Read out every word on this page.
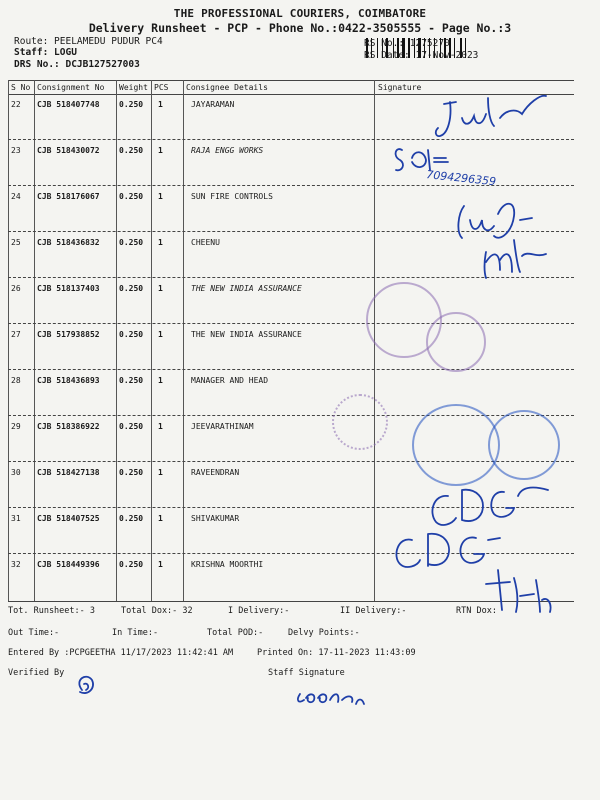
THE PROFESSIONAL COURIERS, COIMBATORE
Delivery Runsheet - PCP - Phone No.:0422-3505555 - Page No.:3
Route: PEELAMEDU PUDUR PC4
Staff: LOGU
DRS No.: DCJB127527003
RS No.: 1275270
RS Date: 17-Nov-2023
S No Consignment No Weight PCS Consignee Details	Signature
22 CJB 518407748 0.250 1	JAYARAMAN
23 CJB 518430072 0.250 1	RAJA ENGG WORKS
24 CJB 518176067 0.250 1	SUN FIRE CONTROLS
25 CJB 518436832 0.250 1	CHEENU
26 CJB 518137403 0.250 1	THE NEW INDIA ASSURANCE
27 CJB 517938852 0.250 1	THE NEW INDIA ASSURANCE
28 CJB 518436893 0.250 1	MANAGER AND HEAD
29 CJB 518386922 0.250 1	JEEVARATHINAM
30 CJB 518427138 0.250 1	RAVEENDRAN
31 CJB 518407525 0.250 1	SHIVAKUMAR
32 CJB 518449396 0.250 1	KRISHNA MOORTHI
Tot. Runsheet:- 3	Total Dox:- 32	I Delivery:-	II Delivery:-	RTN Dox:
Out Time:-	In Time:-	Total POD:-	Delvy Points:-
Entered By :PCPGEETHA 11/17/2023 11:42:41 AM	Printed On: 17-11-2023 11:43:09
Verified By	Staff Signature
7094296359
